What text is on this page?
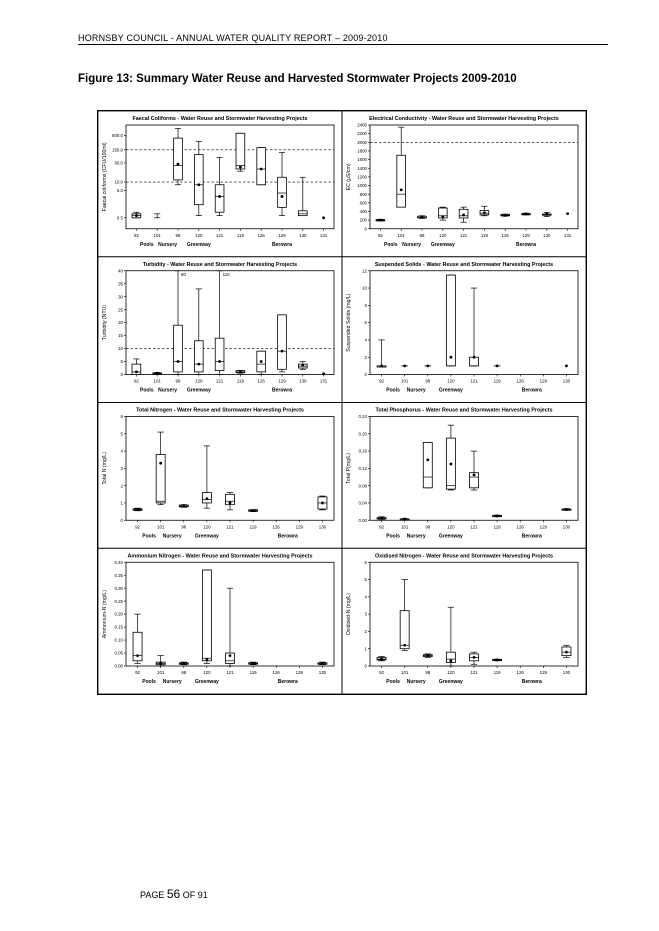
HORNSBY COUNCIL - ANNUAL WATER QUALITY REPORT – 2009-2010
Figure 13: Summary Water Reuse and Harvested Stormwater Projects 2009-2010
Faecal Coliforms - Water Reuse and Stormwater Harvesting Projects
0.5
5.0
10.0
50.0
150.0
500.0
Faecal coliforms (CFU/100ml)
92	101	98	120	121	119	126	129	130	131
Pools Nursery Greenway	Berowra
Electrical Conductivity - Water Reuse and Stormwater Harvesting Projects
0
200
400
600
800
1000
1200
1400
1600
1800
2000
2200
2400
EC (µS/cm)
92	101	98	120	121	119	126	129	130	131
Pools Nursery Greenway	Berowra
Turbidity - Water Reuse and Stormwater Harvesting Projects
0
5
10
15
20
25
30
35
40
Turbidity (NTU)
92	101	98	120	121	119	126	129	130	131
Pools Nursery Greenway	Berowra
80	110
Suspended Solids - Water Reuse and Stormwater Harvesting Projects
0
2
4
6
8
10
12
Suspended Solids (mg/L)
92	101	98	120	121	119	126	129	130
Pools Nursery	Greenway	Berowra
Total Nitrogen - Water Reuse and Stormwater Harvesting Projects
0
1
2
3
4
5
6
Total N (mg/L)
92	101	98	120	121	119	126	129	130
Pools Nursery	Greenway	Berowra
Total Phosphorus - Water Reuse and Stormwater Harvesting Projects
0.00
0.04
0.08
0.12
0.16
0.20
0.24
Total P(mg/L)
92	101	98	120	121	119	126	129	130
Pools Nursery	Greenway	Berowra
Ammonium Nitrogen - Water Reuse and Stormwater Harvesting Projects
0.00
0.05
0.10
0.15
0.20
0.25
0.30
0.35
0.40
Ammonium-N (mg/L)
92	101	98	120	121	119	126	129	130
Pools Nursery	Greenway	Berowra
Oxidised Nitrogen - Water Reuse and Stormwater Harvesting Projects
0
1
2
3
4
5
6
Oxidised-N (mg/L)
92	101	98	120	121	119	126	129	130
Pools Nursery	Greenway	Berowra
PAGE 56 OF 91
